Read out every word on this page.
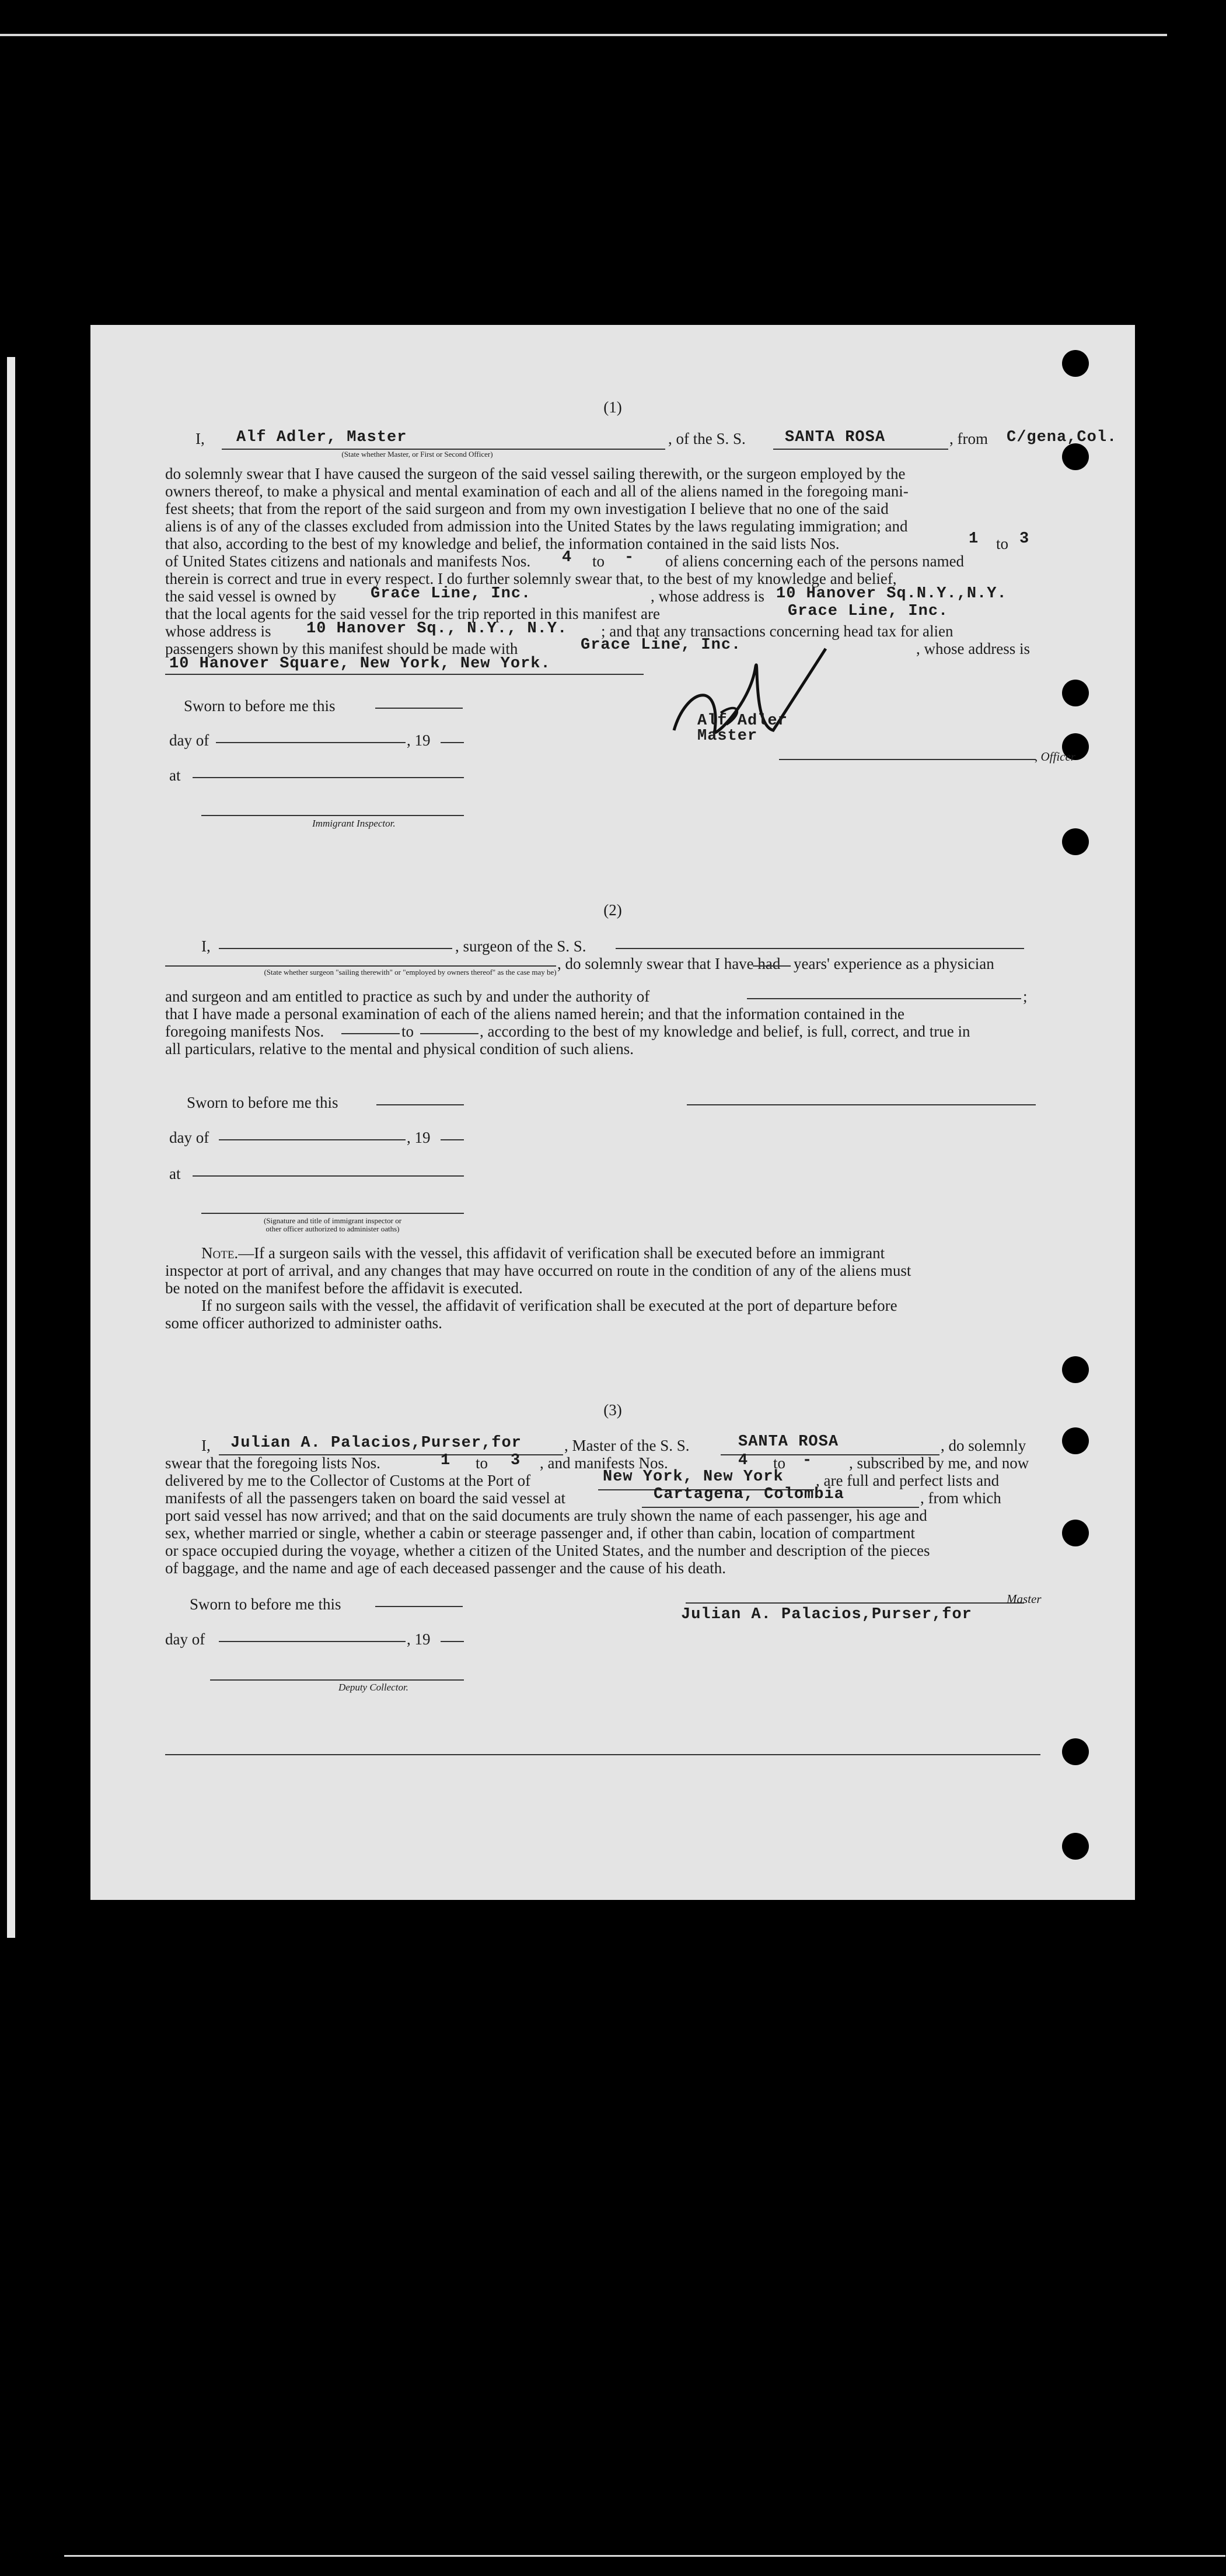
(1)
I, Alf Adler, Master
(State whether Master, or First or Second Officer)
, of the S. S. SANTA ROSA	, from C/gena,Col.
do solemnly swear that I have caused the surgeon of the said vessel sailing therewith, or the surgeon employed by the
owners thereof, to make a physical and mental examination of each and all of the aliens named in the foregoing mani-
fest sheets; that from the report of the said surgeon and from my own investigation I believe that no one of the said
aliens is of any of the classes excluded from admission into the United States by the laws regulating immigration; and
that also, according to the best of my knowledge and belief, the information contained in the said lists Nos.	1 to 3
of United States citizens and nationals and manifests Nos.	4 to - of aliens concerning each of the persons named
therein is correct and true in every respect. I do further solemnly swear that, to the best of my knowledge and belief,
the said vessel is owned by	Grace Line, Inc.	, whose address is 10 Hanover Sq.N.Y.,N.Y.
that the local agents for the said vessel for the trip reported in this manifest are	Grace Line, Inc.
whose address is	10 Hanover Sq., N.Y., N.Y. ; and that any transactions concerning head tax for alien
passengers shown by this manifest should be made with	Grace Line, Inc.	, whose address is
10 Hanover Square, New York, New York.
Sworn to before me this
day of	, 19
at
Immigrant Inspector.
Alf Adler
Master
, Officer
(2)
I,	, surgeon of the S. S.
, do solemnly swear that I have had years' experience as a physician
(State whether surgeon "sailing therewith" or "employed by owners thereof" as the case may be)
and surgeon and am entitled to practice as such by and under the authority of	;
that I have made a personal examination of each of the aliens named herein; and that the information contained in the
foregoing manifests Nos.	to	, according to the best of my knowledge and belief, is full, correct, and true in
all particulars, relative to the mental and physical condition of such aliens.
Sworn to before me this
day of	, 19
at
(Signature and title of immigrant inspector or
other officer authorized to administer oaths)
Note.—If a surgeon sails with the vessel, this affidavit of verification shall be executed before an immigrant
inspector at port of arrival, and any changes that may have occurred on route in the condition of any of the aliens must
be noted on the manifest before the affidavit is executed.
If no surgeon sails with the vessel, the affidavit of verification shall be executed at the port of departure before
some officer authorized to administer oaths.
(3)
I, Julian A. Palacios,Purser,for	, Master of the S. S.	SANTA ROSA	, do solemnly
swear that the foregoing lists Nos.	1 to 3 , and manifests Nos.	4 to - , subscribed by me, and now
delivered by me to the Collector of Customs at the Port of	New York, New York , are full and perfect lists and
manifests of all the passengers taken on board the said vessel at	Cartagena, Colombia	, from which
port said vessel has now arrived; and that on the said documents are truly shown the name of each passenger, his age and
sex, whether married or single, whether a cabin or steerage passenger and, if other than cabin, location of compartment
or space occupied during the voyage, whether a citizen of the United States, and the number and description of the pieces
of baggage, and the name and age of each deceased passenger and the cause of his death.
Sworn to before me this
Julian A. Palacios,Purser,for
Master
day of	, 19
Deputy Collector.
